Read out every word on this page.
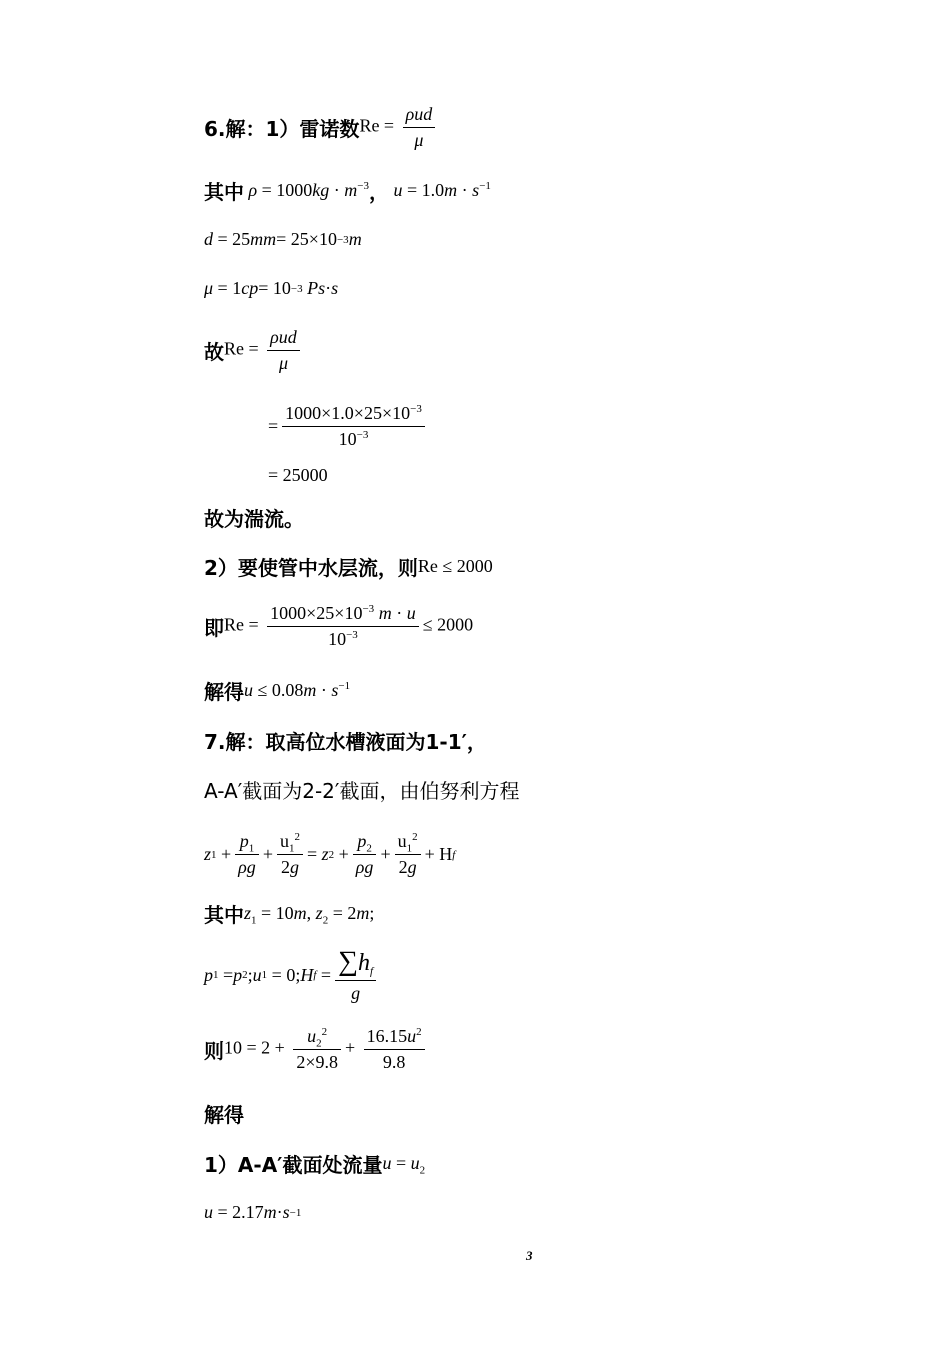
6.解：1）雷诺数 $Re = \frac{\text{ρud}}{\mu}$
其中 $\rho = 1000kg \cdot m^{-3}$ ， $u = 1.0m \cdot s^{-1}$
d = 25 mm = 25×10 −3 m
μ = 1 cp = 10 −3
Ps · s
故 $Re = \frac{\text{ρud}}{\mu}$
= $\frac{1000\times 1.0\times 25\times 10^{-3}}{10^{-3}}$
= 25000
故为湍流。
2）要使管中水层流，则 Re ≤ 2000
即 $Re = \frac{1000\times 25\times 10^{-3} m \cdot u}{10^{-3}} \le 2000$
解得 $u \le 0.08m \cdot s^{-1}$
7.解：取高位水槽液面为1-1′，
A-A′截面为2-2′截面，由伯努利方程
z $1 + \frac{p_1}{\rho g} + \frac{u_1^2}{2g} = z$ $2 + \frac{p_2}{\rho g} + \frac{u_1^2}{2g} + H$ f
其中 $z_1 = 10m$, $z_2 = 2m$;
p 1 = p 2 ; u 1 = 0; H $f = \frac{\sum h_f}{g}$
则 $10 = 2 + \frac{u_2^2}{2\times 9.8} + \frac{16.15u^2}{9.8}$
解得
1）A-A′截面处流量 $u = u_2$
u = 2.17 m · s −1
3
